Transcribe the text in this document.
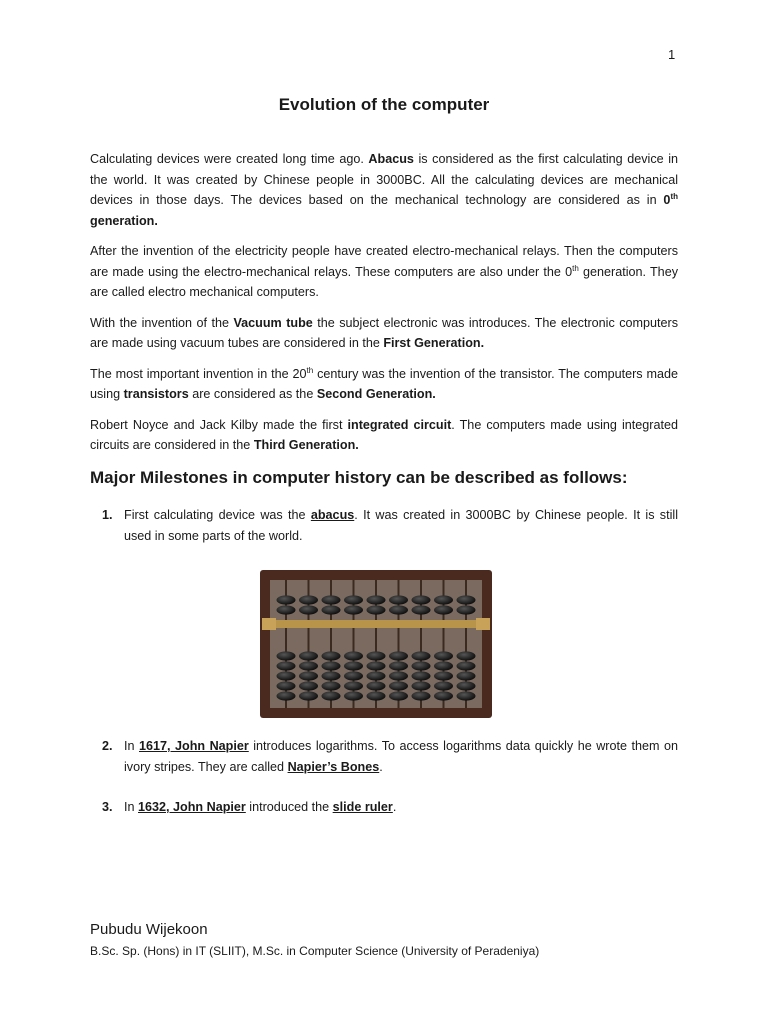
1
Evolution of the computer

Calculating devices were created long time ago. Abacus is considered as the first calculating device in the world. It was created by Chinese people in 3000BC. All the calculating devices are mechanical devices in those days. The devices based on the mechanical technology are considered as in 0th generation.

After the invention of the electricity people have created electro-mechanical relays. Then the computers are made using the electro-mechanical relays. These computers are also under the 0th generation. They are called electro mechanical computers.

With the invention of the Vacuum tube the subject electronic was introduces. The electronic computers are made using vacuum tubes are considered in the First Generation.

The most important invention in the 20th century was the invention of the transistor. The computers made using transistors are considered as the Second Generation.

Robert Noyce and Jack Kilby made the first integrated circuit. The computers made using integrated circuits are considered in the Third Generation.

Major Milestones in computer history can be described as follows:
1. First calculating device was the abacus. It was created in 3000BC by Chinese people. It is still used in some parts of the world.
2. In 1617, John Napier introduces logarithms. To access logarithms data quickly he wrote them on ivory stripes. They are called Napier’s Bones.
3. In 1632, John Napier introduced the slide ruler.
Pubudu Wijekoon
B.Sc. Sp. (Hons) in IT (SLIIT), M.Sc. in Computer Science (University of Peradeniya)
